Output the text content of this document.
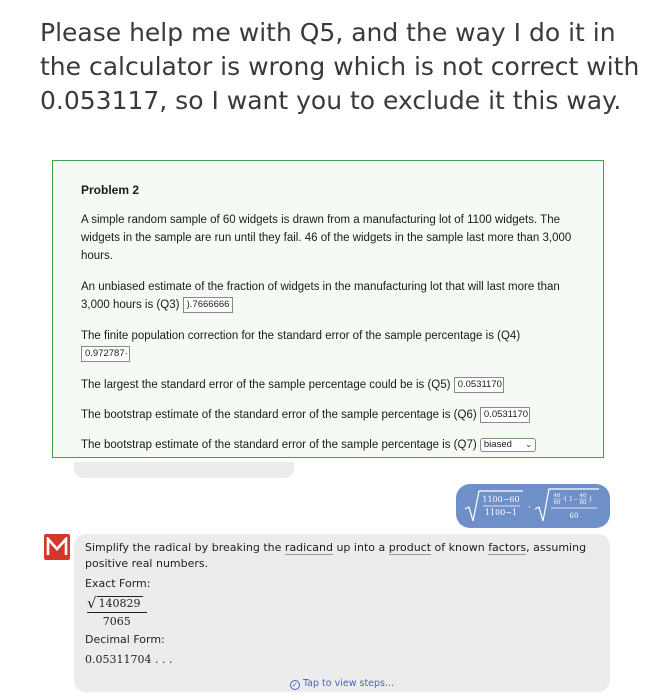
Please help me with Q5, and the way I do it in the calculator is wrong which is not correct with 0.053117, so I want you to exclude it this way.
Problem 2
A simple random sample of 60 widgets is drawn from a manufacturing lot of 1100 widgets. The widgets in the sample are run until they fail. 46 of the widgets in the sample last more than 3,000 hours.
An unbiased estimate of the fraction of widgets in the manufacturing lot that will last more than 3,000 hours is (Q3) ).7666666
The finite population correction for the standard error of the sample percentage is (Q4)
0.972787·
The largest the standard error of the sample percentage could be is (Q5) 0.0531170
The bootstrap estimate of the standard error of the sample percentage is (Q6) 0.0531170
The bootstrap estimate of the standard error of the sample percentage is (Q7) biased ⌄
1100−60
1100−1 ·
46
60 ·( 1 − 46
60 )
60
Simplify the radical by breaking the radicand up into a product of known factors, assuming positive real numbers.
Exact Form:
$\frac{√ 140829}{7065}$
Decimal Form:
0.05311704 . . .
✓ Tap to view steps...
